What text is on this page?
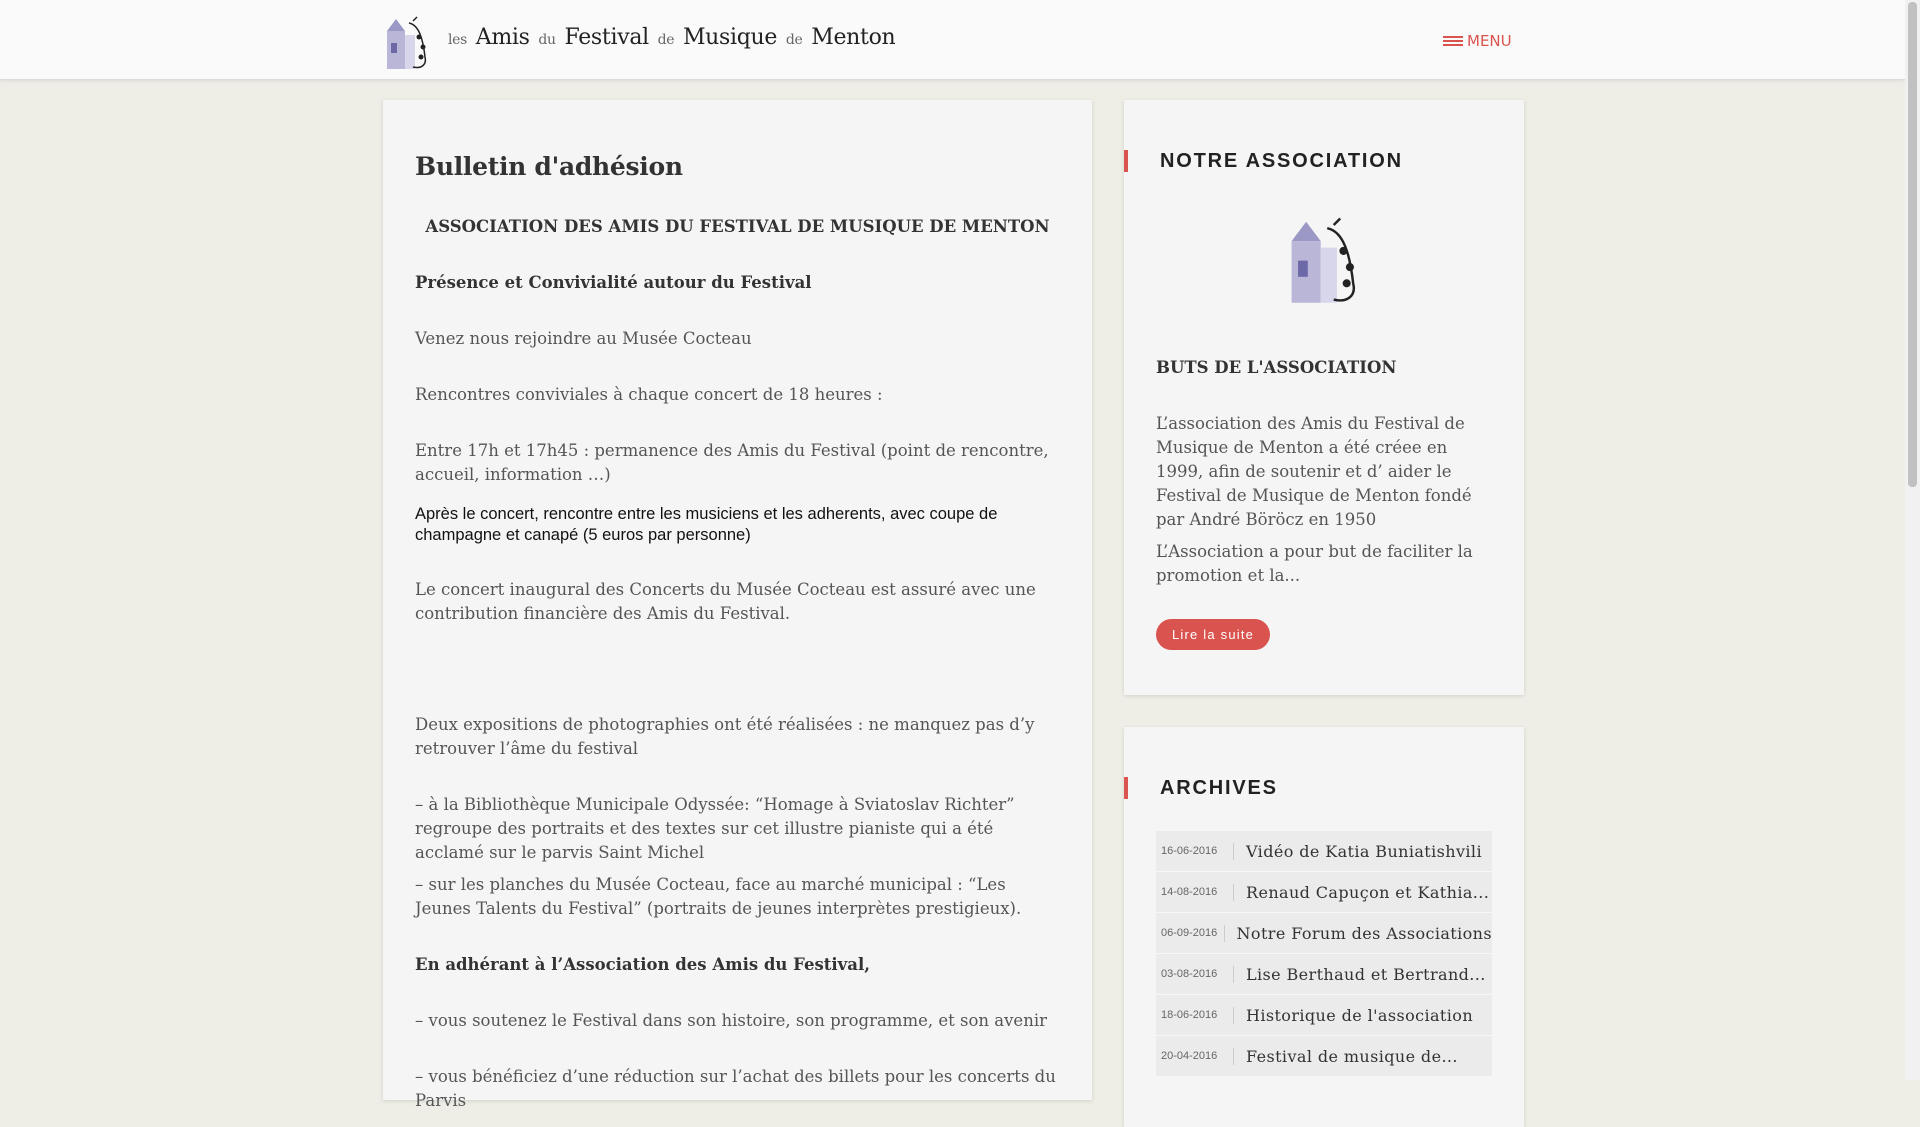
les Amis du Festival de Musique de Menton	MENU
Bulletin d'adhésion
ASSOCIATION DES AMIS DU FESTIVAL DE MUSIQUE DE MENTON
Présence et Convivialité autour du Festival
Venez nous rejoindre au Musée Cocteau
Rencontres conviviales à chaque concert de 18 heures :
Entre 17h et 17h45 : permanence des Amis du Festival (point de rencontre, accueil, information …)
Après le concert, rencontre entre les musiciens et les adherents, avec coupe de champagne et canapé (5 euros par personne)
Le concert inaugural des Concerts du Musée Cocteau est assuré avec une contribution financière des Amis du Festival.
Deux expositions de photographies ont été réalisées : ne manquez pas d’y retrouver l’âme du festival
– à la Bibliothèque Municipale Odyssée: “Homage à Sviatoslav Richter” regroupe des portraits et des textes sur cet illustre pianiste qui a été acclamé sur le parvis Saint Michel
– sur les planches du Musée Cocteau, face au marché municipal : “Les Jeunes Talents du Festival” (portraits de jeunes interprètes prestigieux).
En adhérant à l’Association des Amis du Festival,
– vous soutenez le Festival dans son histoire, son programme, et son avenir
– vous bénéficiez d’une réduction sur l’achat des billets pour les concerts du Parvis
NOTRE ASSOCIATION
BUTS DE L'ASSOCIATION
L’association des Amis du Festival de Musique de Menton a été créee en 1999, afin de soutenir et d’ aider le Festival de Musique de Menton fondé par André Böröcz en 1950
L’Association a pour but de faciliter la promotion et la...
Lire la suite
ARCHIVES
16-06-2016	Vidéo de Katia Buniatishvili
14-08-2016	Renaud Capuçon et Kathia...
06-09-2016	Notre Forum des Associations
03-08-2016	Lise Berthaud et Bertrand...
18-06-2016	Historique de l'association
20-04-2016	Festival de musique de...
